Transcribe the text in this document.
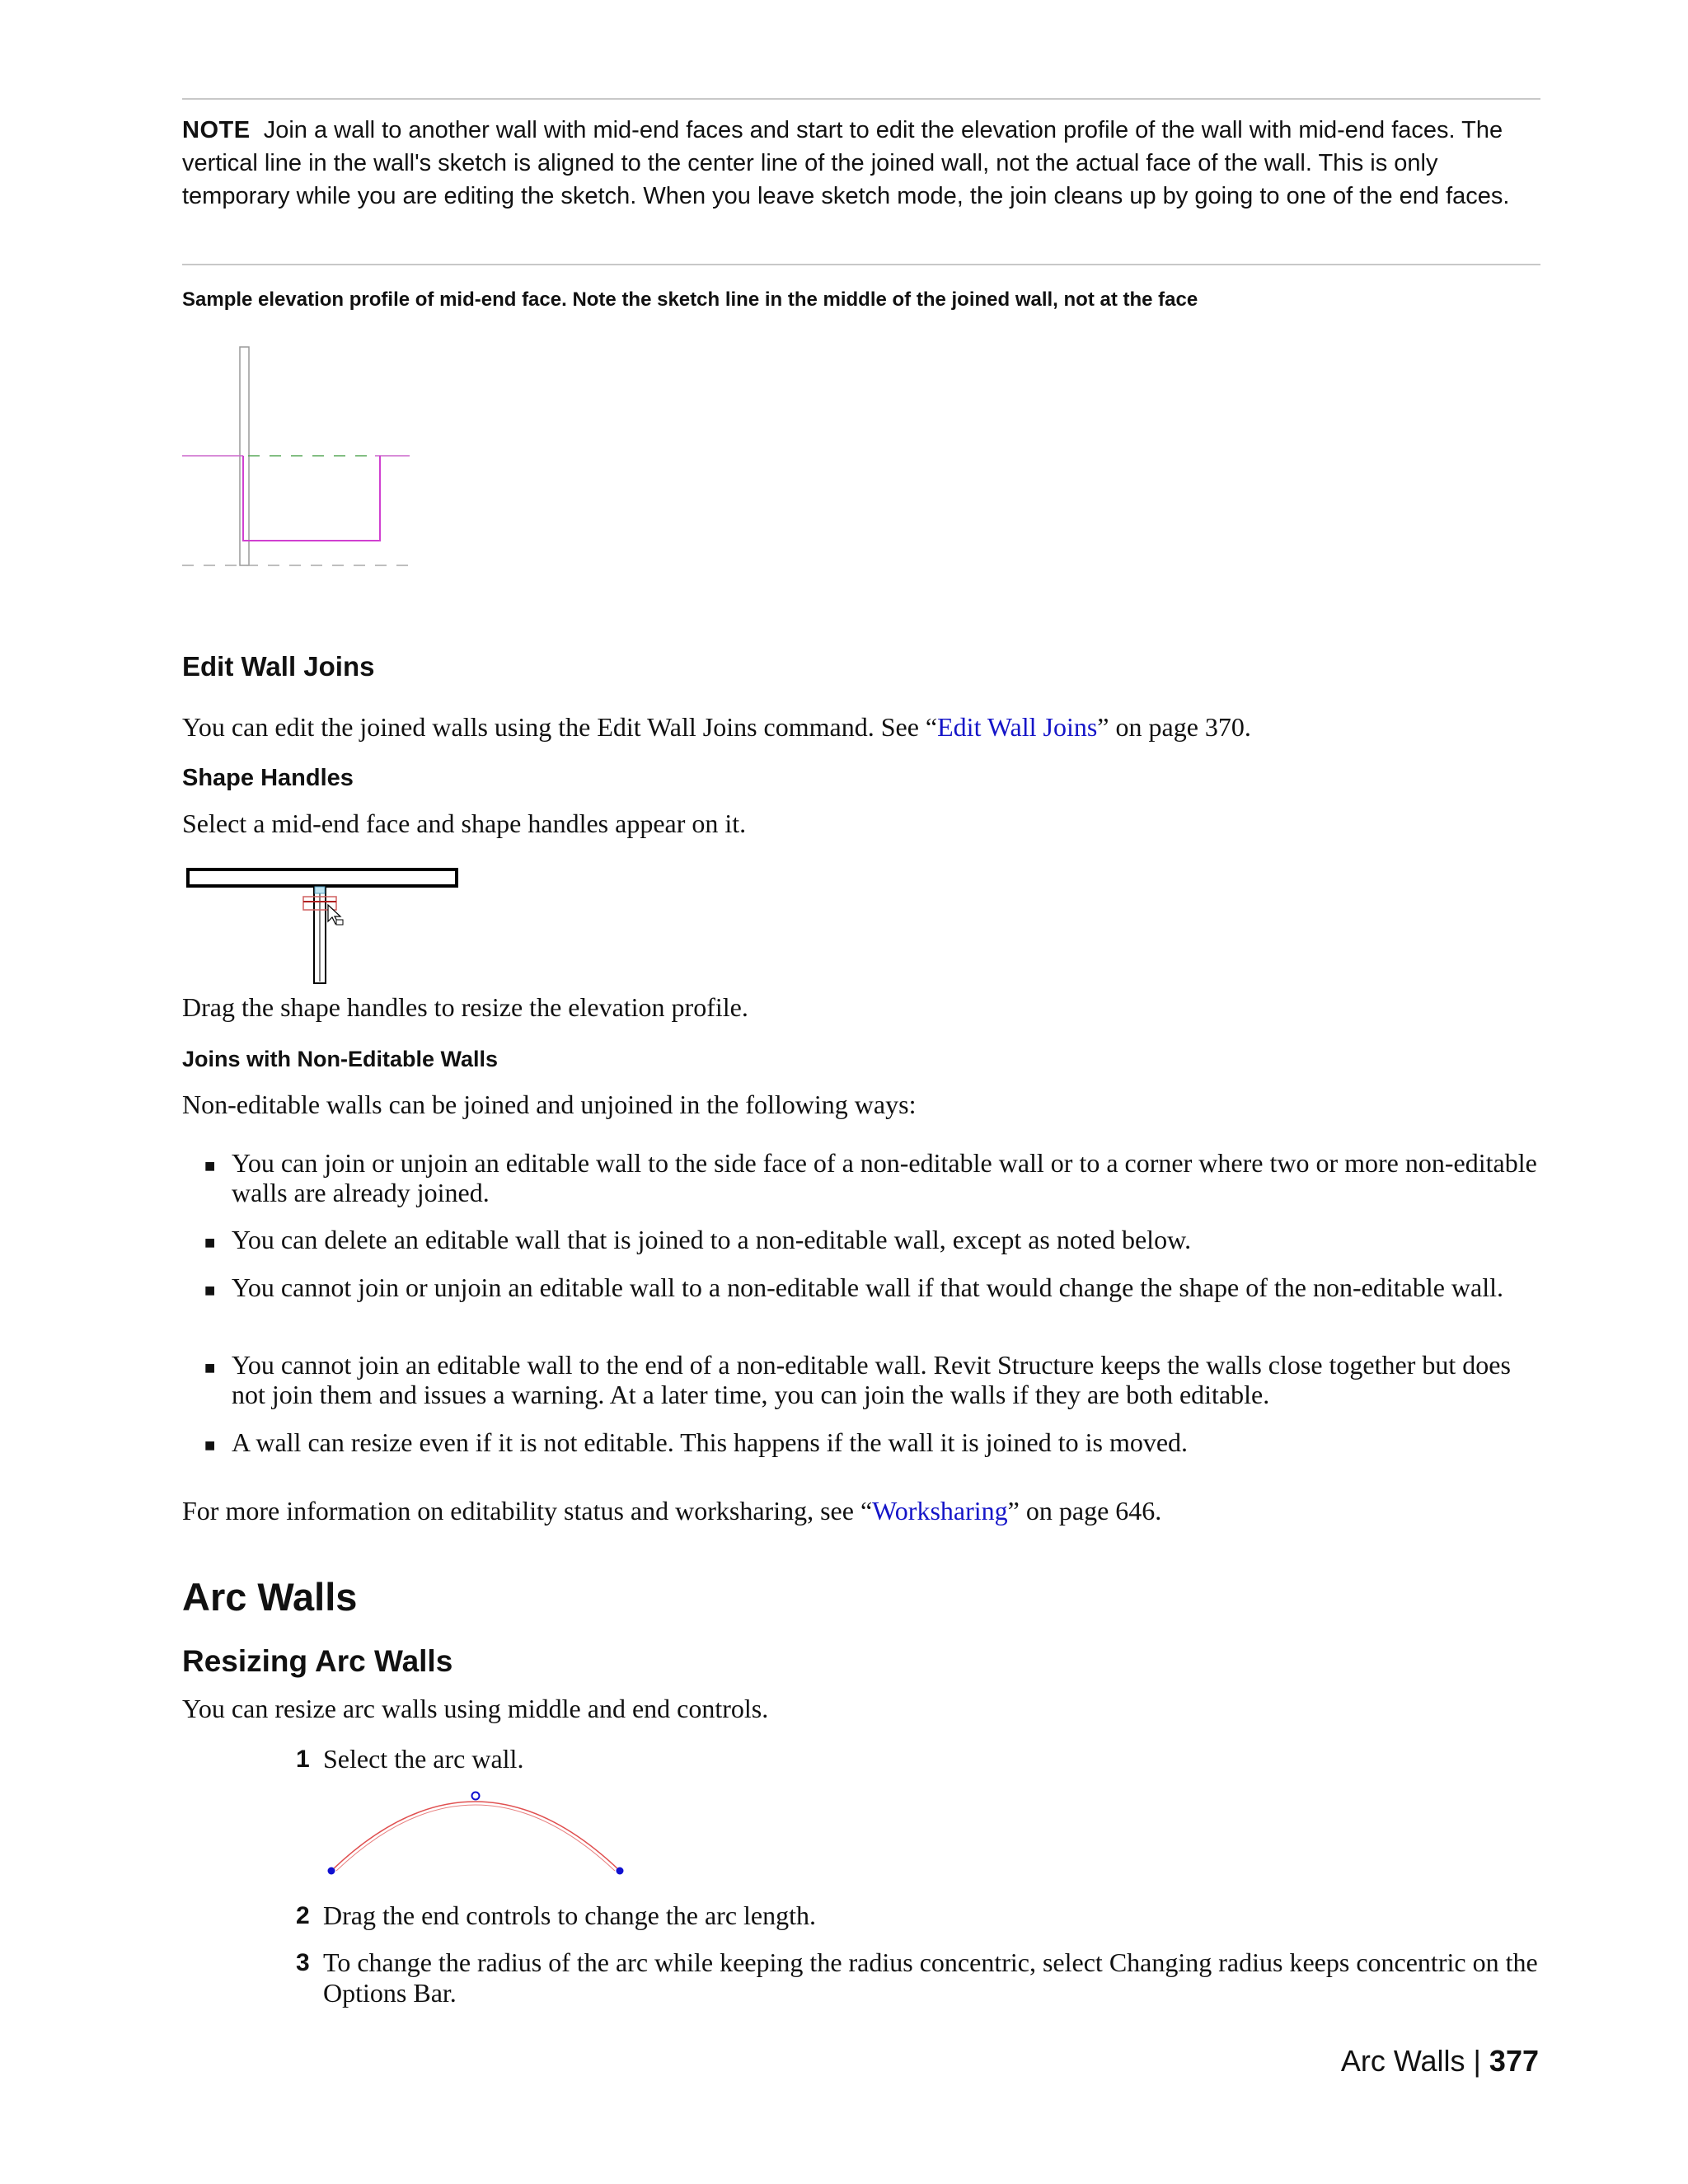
NOTE Join a wall to another wall with mid-end faces and start to edit the elevation profile of the wall with mid-end faces. The vertical line in the wall's sketch is aligned to the center line of the joined wall, not the actual face of the wall. This is only temporary while you are editing the sketch. When you leave sketch mode, the join cleans up by going to one of the end faces.
Sample elevation profile of mid-end face. Note the sketch line in the middle of the joined wall, not at the face
Edit Wall Joins
You can edit the joined walls using the Edit Wall Joins command. See “Edit Wall Joins” on page 370.
Shape Handles
Select a mid-end face and shape handles appear on it.
Drag the shape handles to resize the elevation profile.
Joins with Non-Editable Walls
Non-editable walls can be joined and unjoined in the following ways:
■ You can join or unjoin an editable wall to the side face of a non-editable wall or to a corner where two or more non-editable walls are already joined.
■ You can delete an editable wall that is joined to a non-editable wall, except as noted below.
■ You cannot join or unjoin an editable wall to a non-editable wall if that would change the shape of the non-editable wall.
■ You cannot join an editable wall to the end of a non-editable wall. Revit Structure keeps the walls close together but does not join them and issues a warning. At a later time, you can join the walls if they are both editable.
■ A wall can resize even if it is not editable. This happens if the wall it is joined to is moved.
For more information on editability status and worksharing, see “Worksharing” on page 646.
Arc Walls
Resizing Arc Walls
You can resize arc walls using middle and end controls.
1 Select the arc wall.
2 Drag the end controls to change the arc length.
3 To change the radius of the arc while keeping the radius concentric, select Changing radius keeps concentric on the Options Bar.
Arc Walls | 377
